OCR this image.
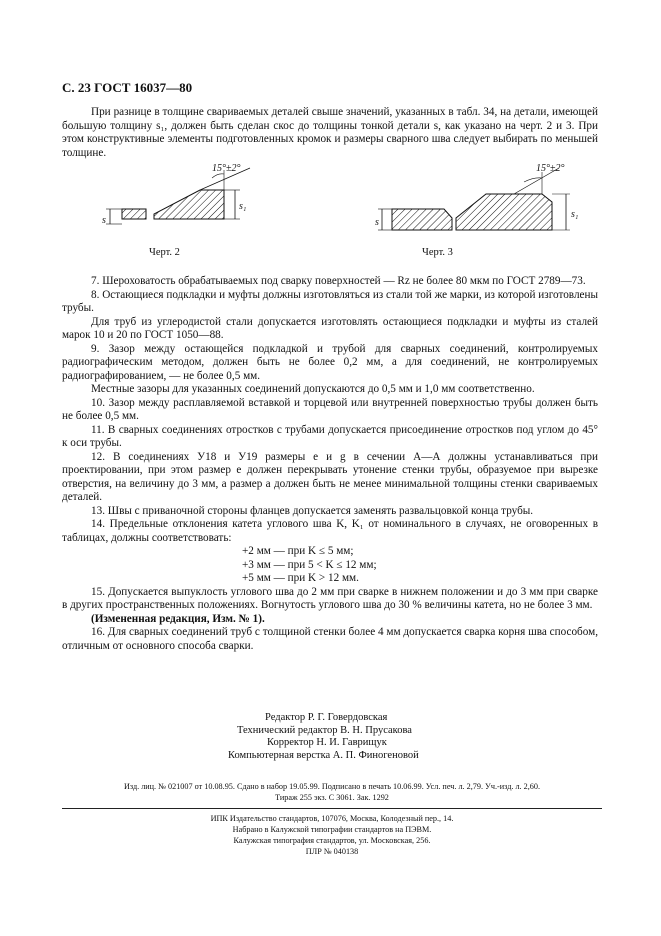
С. 23 ГОСТ 16037—80

При разнице в толщине свариваемых деталей свыше значений, указанных в табл. 34, на детали, имеющей большую толщину s₁, должен быть сделан скос до толщины тонкой детали s, как указано на черт. 2 и 3. При этом конструктивные элементы подготовленных кромок и размеры сварного шва следует выбирать по меньшей толщине.

15°±2°
s
s₁
Черт. 2
15°±2°
s
s₁
Черт. 3

7. Шероховатость обрабатываемых под сварку поверхностей — Rz не более 80 мкм по ГОСТ 2789—73.

8. Остающиеся подкладки и муфты должны изготовляться из стали той же марки, из которой изготовлены трубы.

Для труб из углеродистой стали допускается изготовлять остающиеся подкладки и муфты из сталей марок 10 и 20 по ГОСТ 1050—88.

9. Зазор между остающейся подкладкой и трубой для сварных соединений, контролируемых радиографическим методом, должен быть не более 0,2 мм, а для соединений, не контролируемых радиографированием, — не более 0,5 мм.

Местные зазоры для указанных соединений допускаются до 0,5 мм и 1,0 мм соответственно.

10. Зазор между расплавляемой вставкой и торцевой или внутренней поверхностью трубы должен быть не более 0,5 мм.

11. В сварных соединениях отростков с трубами допускается присоединение отростков под углом до 45° к оси трубы.

12. В соединениях У18 и У19 размеры e и g в сечении А—А должны устанавливаться при проектировании, при этом размер e должен перекрывать утонение стенки трубы, образуемое при вырезке отверстия, на величину до 3 мм, а размер a должен быть не менее минимальной толщины стенки свариваемых деталей.

13. Швы с приваночной стороны фланцев допускается заменять развальцовкой конца трубы.

14. Предельные отклонения катета углового шва K, K₁ от номинального в случаях, не оговоренных в таблицах, должны соответствовать:

+2 мм — при K ≤ 5 мм;
+3 мм — при 5 < K ≤ 12 мм;
+5 мм — при K > 12 мм.

15. Допускается выпуклость углового шва до 2 мм при сварке в нижнем положении и до 3 мм при сварке в других пространственных положениях. Вогнутость углового шва до 30 % величины катета, но не более 3 мм.

(Измененная редакция, Изм. № 1).

16. Для сварных соединений труб с толщиной стенки более 4 мм допускается сварка корня шва способом, отличным от основного способа сварки.

Редактор Р. Г. Говердовская
Технический редактор В. Н. Прусакова
Корректор Н. И. Гаврищук
Компьютерная верстка А. П. Финогеновой
Изд. лиц. № 021007 от 10.08.95. Сдано в набор 19.05.99. Подписано в печать 10.06.99. Усл. печ. л. 2,79. Уч.-изд. л. 2,60.
Тираж 255 экз. С 3061. Зак. 1292
ИПК Издательство стандартов, 107076, Москва, Колодезный пер., 14.
Набрано в Калужской типографии стандартов на ПЭВМ.
Калужская типография стандартов, ул. Московская, 256.
ПЛР № 040138
